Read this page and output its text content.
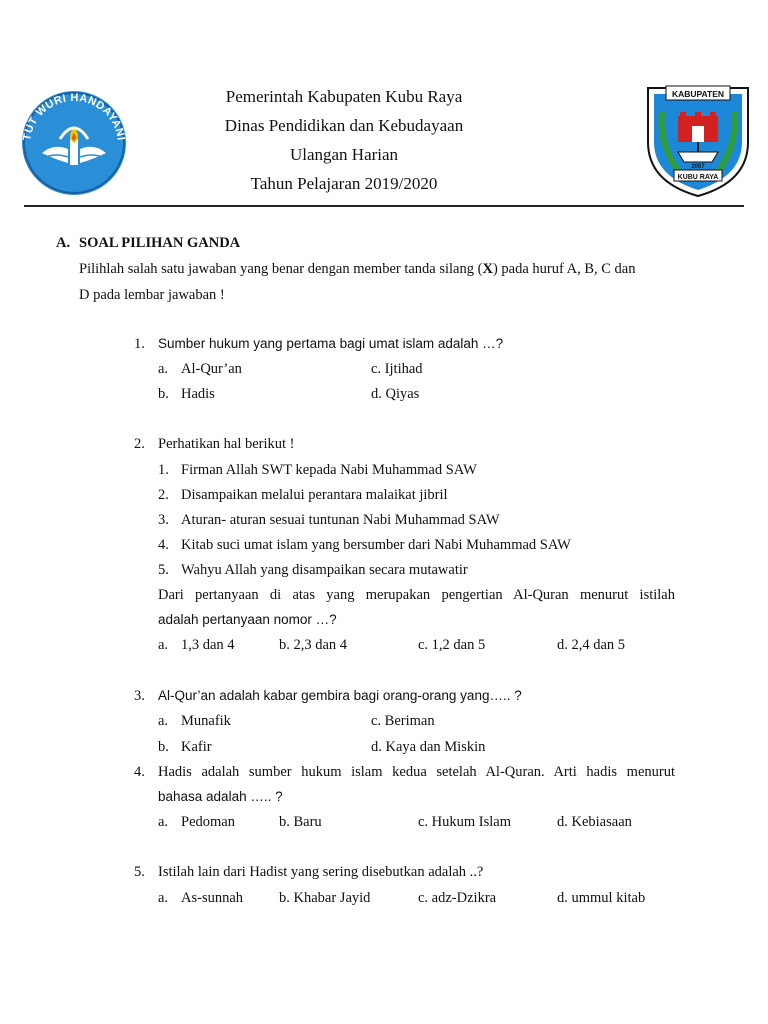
TUT WURI HANDAYANI
KABUPATEN
KUBU RAYA
2007
Pemerintah Kabupaten Kubu Raya
Dinas Pendidikan dan Kebudayaan
Ulangan Harian
Tahun Pelajaran 2019/2020
A. SOAL PILIHAN GANDA
Pilihlah salah satu jawaban yang benar dengan member tanda silang (X) pada huruf A, B, C dan
D pada lembar jawaban !
1. Sumber hukum yang pertama bagi umat islam adalah …?
a. Al-Qur’an	c. Ijtihad
b. Hadis	d. Qiyas
2. Perhatikan hal berikut !
1. Firman Allah SWT kepada Nabi Muhammad SAW
2. Disampaikan melalui perantara malaikat jibril
3. Aturan- aturan sesuai tuntunan Nabi Muhammad SAW
4. Kitab suci umat islam yang bersumber dari Nabi Muhammad SAW
5. Wahyu Allah yang disampaikan secara mutawatir
Dari pertanyaan di atas yang merupakan pengertian Al-Quran menurut istilah
adalah pertanyaan nomor …?
a. 1,3 dan 4	b. 2,3 dan 4	c. 1,2 dan 5	d. 2,4 dan 5
3. Al-Qur’an adalah kabar gembira bagi orang-orang yang….. ?
a. Munafik	c. Beriman
b. Kafir	d. Kaya dan Miskin
4. Hadis adalah sumber hukum islam kedua setelah Al-Quran. Arti hadis menurut
bahasa adalah ….. ?
a. Pedoman	b. Baru	c. Hukum Islam	d. Kebiasaan
5. Istilah lain dari Hadist yang sering disebutkan adalah ..?
a. As-sunnah b. Khabar Jayid	c. adz-Dzikra	d. ummul kitab
